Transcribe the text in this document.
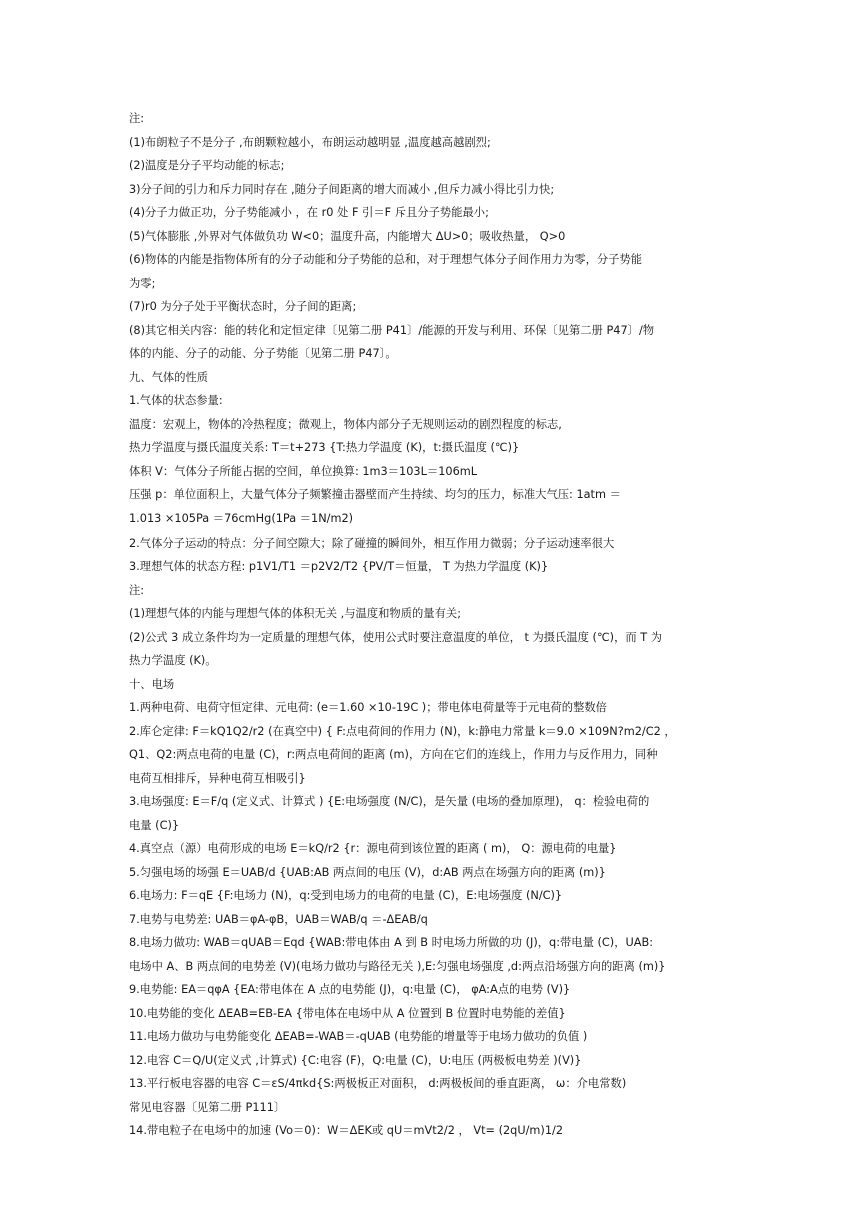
注:
(1)布朗粒子不是分子 ,布朗颗粒越小，布朗运动越明显 ,温度越高越剧烈;
(2)温度是分子平均动能的标志;
3)分子间的引力和斥力同时存在 ,随分子间距离的增大而减小 ,但斥力减小得比引力快;
(4)分子力做正功，分子势能减小 ，在 r0 处 F 引＝F 斥且分子势能最小;
(5)气体膨胀 ,外界对气体做负功 W<0；温度升高，内能增大 ΔU>0；吸收热量， Q>0
(6)物体的内能是指物体所有的分子动能和分子势能的总和，对于理想气体分子间作用力为零，分子势能
为零;
(7)r0 为分子处于平衡状态时，分子间的距离;
(8)其它相关内容：能的转化和定恒定律〔见第二册 P41〕/能源的开发与利用、环保〔见第二册 P47〕/物
体的内能、分子的动能、分子势能〔见第二册 P47〕。
九、气体的性质
1.气体的状态参量:
温度：宏观上，物体的冷热程度；微观上，物体内部分子无规则运动的剧烈程度的标志,
热力学温度与摄氏温度关系: T＝t+273 {T:热力学温度 (K)，t:摄氏温度 (℃)}
体积 V：气体分子所能占据的空间，单位换算: 1m3＝103L＝106mL
压强 p：单位面积上，大量气体分子频繁撞击器壁而产生持续、均匀的压力，标准大气压: 1atm ＝
1.013 ×105Pa ＝76cmHg(1Pa ＝1N/m2)
2.气体分子运动的特点：分子间空隙大；除了碰撞的瞬间外，相互作用力微弱；分子运动速率很大
3.理想气体的状态方程: p1V1/T1 ＝p2V2/T2 {PV/T＝恒量， T 为热力学温度 (K)}
注:
(1)理想气体的内能与理想气体的体积无关 ,与温度和物质的量有关;
(2)公式 3 成立条件均为一定质量的理想气体，使用公式时要注意温度的单位， t 为摄氏温度 (℃)，而 T 为
热力学温度 (K)。
十、电场
1.两种电荷、电荷守恒定律、元电荷: (e＝1.60 ×10-19C )；带电体电荷量等于元电荷的整数倍
2.库仑定律: F＝kQ1Q2/r2 (在真空中) { F:点电荷间的作用力 (N)，k:静电力常量 k＝9.0 ×109N?m2/C2 ，
Q1、Q2:两点电荷的电量 (C)，r:两点电荷间的距离 (m)，方向在它们的连线上，作用力与反作用力，同种
电荷互相排斥，异种电荷互相吸引}
3.电场强度: E＝F/q (定义式、计算式 ) {E:电场强度 (N/C)，是矢量 (电场的叠加原理)， q：检验电荷的
电量 (C)}
4.真空点（源）电荷形成的电场 E＝kQ/r2 {r：源电荷到该位置的距离 ( m)， Q：源电荷的电量}
5.匀强电场的场强 E＝UAB/d {UAB:AB 两点间的电压 (V)，d:AB 两点在场强方向的距离 (m)}
6.电场力: F＝qE {F:电场力 (N)，q:受到电场力的电荷的电量 (C)，E:电场强度 (N/C)}
7.电势与电势差: UAB＝φA-φB，UAB＝WAB/q ＝-ΔEAB/q
8.电场力做功: WAB＝qUAB＝Eqd {WAB:带电体由 A 到 B 时电场力所做的功 (J)，q:带电量 (C)，UAB:
电场中 A、B 两点间的电势差 (V)(电场力做功与路径无关 ),E:匀强电场强度 ,d:两点沿场强方向的距离 (m)}
9.电势能: EA＝qφA {EA:带电体在 A 点的电势能 (J)，q:电量 (C)， φA:A点的电势 (V)}
10.电势能的变化 ΔEAB=EB-EA {带电体在电场中从 A 位置到 B 位置时电势能的差值}
11.电场力做功与电势能变化 ΔEAB=-WAB＝-qUAB (电势能的增量等于电场力做功的负值 )
12.电容 C＝Q/U(定义式 ,计算式) {C:电容 (F)，Q:电量 (C)，U:电压 (两极板电势差 )(V)}
13.平行板电容器的电容 C＝εS/4πkd{S:两极板正对面积， d:两极板间的垂直距离， ω：介电常数)
常见电容器〔见第二册 P111〕
14.带电粒子在电场中的加速 (Vo＝0)：W＝ΔEK或 qU＝mVt2/2 ， Vt= (2qU/m)1/2
